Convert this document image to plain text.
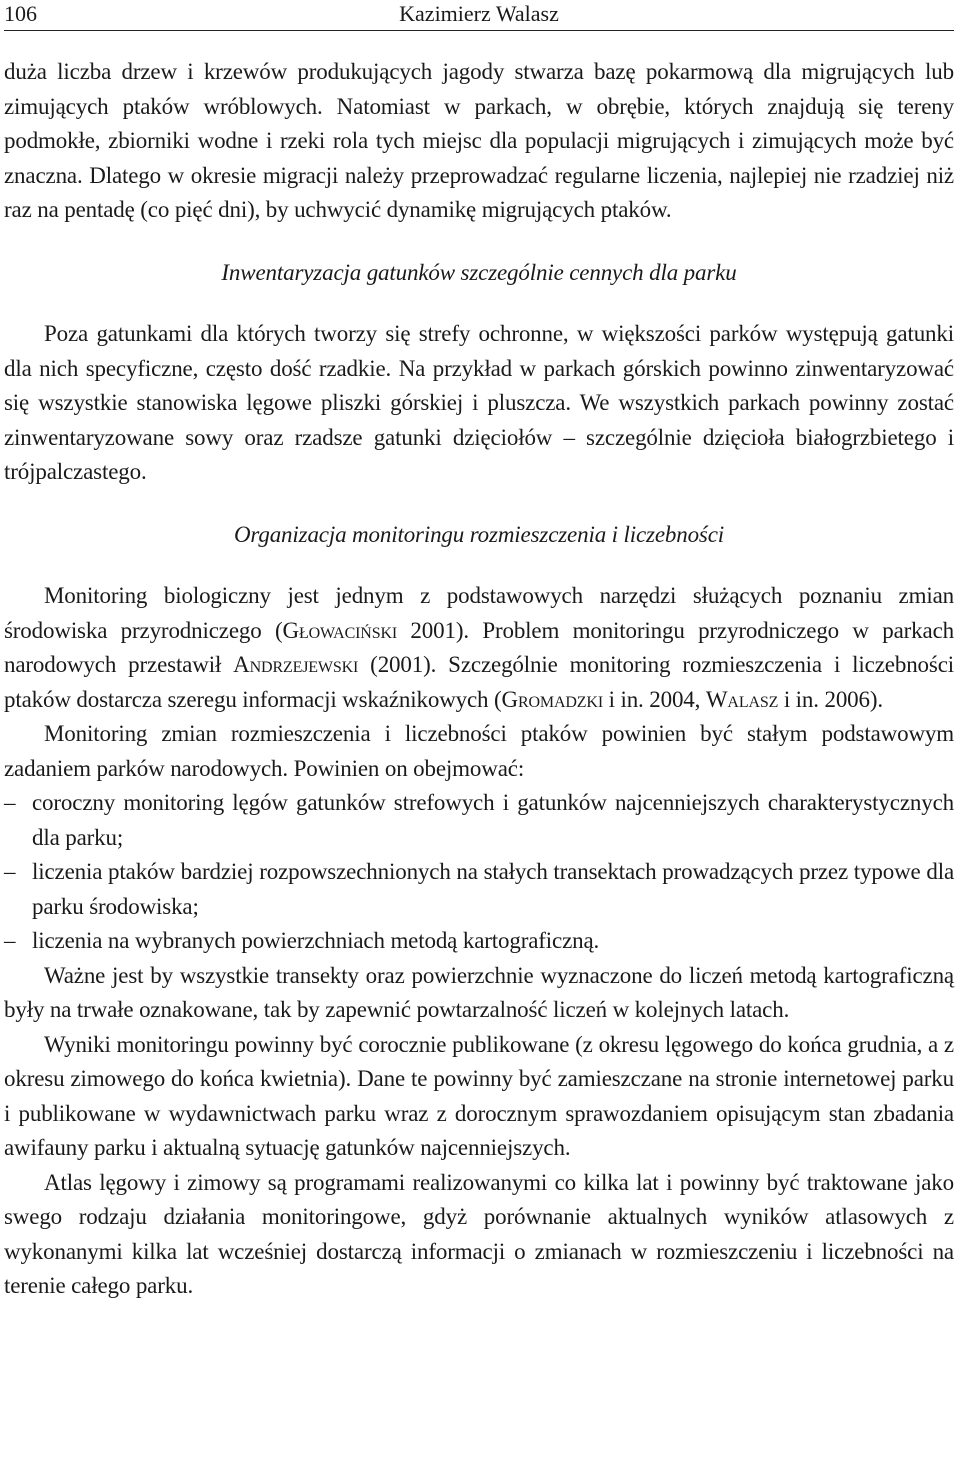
106	Kazimierz Walasz

duża liczba drzew i krzewów produkujących jagody stwarza bazę pokarmową dla migrujących lub zimujących ptaków wróblowych. Natomiast w parkach, w obrębie, których znajdują się tereny podmokłe, zbiorniki wodne i rzeki rola tych miejsc dla populacji migrujących i zimujących może być znaczna. Dlatego w okresie migracji należy przeprowadzać regularne liczenia, najlepiej nie rzadziej niż raz na pentadę (co pięć dni), by uchwycić dynamikę migrujących ptaków.

Inwentaryzacja gatunków szczególnie cennych dla parku

Poza gatunkami dla których tworzy się strefy ochronne, w większości parków występują gatunki dla nich specyficzne, często dość rzadkie. Na przykład w parkach górskich powinno zinwentaryzować się wszystkie stanowiska lęgowe pliszki górskiej i pluszcza. We wszystkich parkach powinny zostać zinwentaryzowane sowy oraz rzadsze gatunki dzięciołów – szczególnie dzięcioła białogrzbietego i trójpalczastego.

Organizacja monitoringu rozmieszczenia i liczebności

Monitoring biologiczny jest jednym z podstawowych narzędzi służących poznaniu zmian środowiska przyrodniczego (Głowaciński 2001). Problem monitoringu przyrodniczego w parkach narodowych przestawił Andrzejewski (2001). Szczególnie monitoring rozmieszczenia i liczebności ptaków dostarcza szeregu informacji wskaźnikowych (Gromadzki i in. 2004, Walasz i in. 2006).

Monitoring zmian rozmieszczenia i liczebności ptaków powinien być stałym podstawowym zadaniem parków narodowych. Powinien on obejmować:

– coroczny monitoring lęgów gatunków strefowych i gatunków najcenniejszych charakterystycznych dla parku;
– liczenia ptaków bardziej rozpowszechnionych na stałych transektach prowadzących przez typowe dla parku środowiska;
– liczenia na wybranych powierzchniach metodą kartograficzną.

Ważne jest by wszystkie transekty oraz powierzchnie wyznaczone do liczeń metodą kartograficzną były na trwałe oznakowane, tak by zapewnić powtarzalność liczeń w kolejnych latach.

Wyniki monitoringu powinny być corocznie publikowane (z okresu lęgowego do końca grudnia, a z okresu zimowego do końca kwietnia). Dane te powinny być zamieszczane na stronie internetowej parku i publikowane w wydawnictwach parku wraz z dorocznym sprawozdaniem opisującym stan zbadania awifauny parku i aktualną sytuację gatunków najcenniejszych.

Atlas lęgowy i zimowy są programami realizowanymi co kilka lat i powinny być traktowane jako swego rodzaju działania monitoringowe, gdyż porównanie aktualnych wyników atlasowych z wykonanymi kilka lat wcześniej dostarczą informacji o zmianach w rozmieszczeniu i liczebności na terenie całego parku.
